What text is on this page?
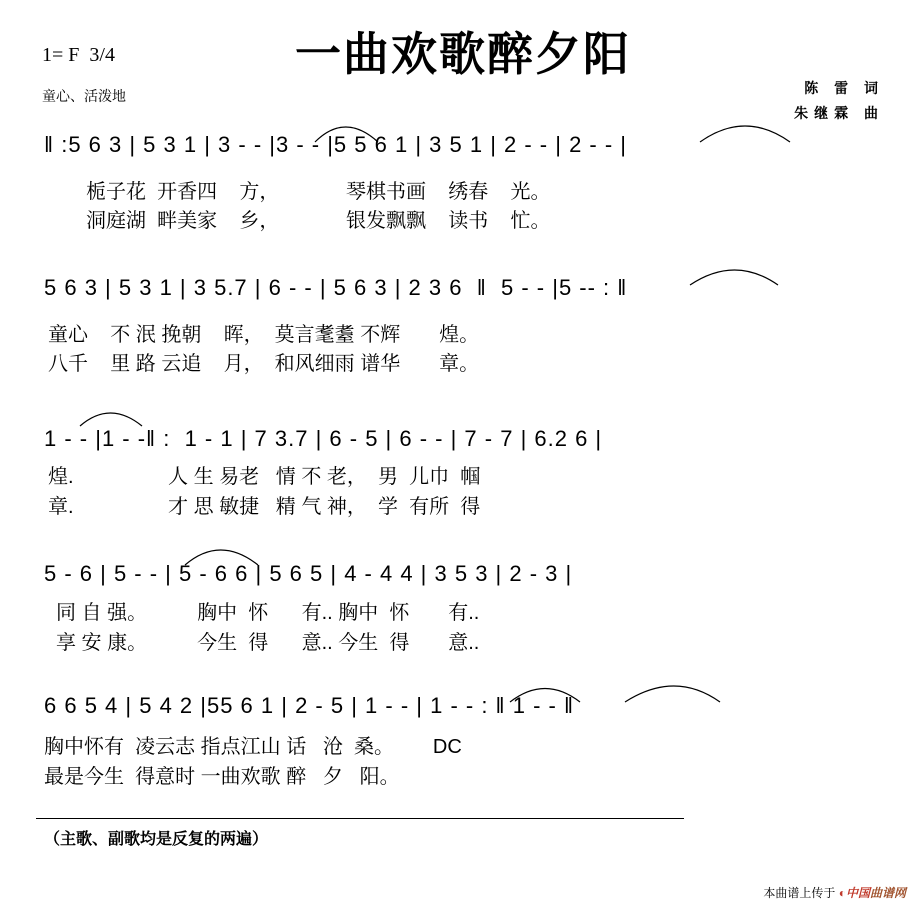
一曲欢歌醉夕阳
1= F  3/4
童心、活泼地	陈 雷 词
朱继霖 曲
‖ :5 6 3 | 5 3 1 | 3 - - |3 - - |5 5 6 1 | 3 5 1 | 2 - - | 2 - - |
栀子花  开香四    方，            琴棋书画    绣春    光。
洞庭湖  畔美家    乡，            银发飘飘    读书    忙。
5 6 3 | 5 3 1 | 3 5.7 | 6 - - | 5 6 3 | 2 3 6  ‖  5 - - |5 -- : ‖
童心    不 泯 挽朝    晖，  莫言耄耋 不辉       煌。
八千    里 路 云追    月，  和风细雨 谱华       章。
1 - - |1 - -‖ :  1 - 1 | 7 3.7 | 6 - 5 | 6 - - | 7 - 7 | 6.2 6 |
煌.                 人 生 易老   情 不 老，  男  儿巾  帼
章.                 才 思 敏捷   精 气 神，  学  有所  得
5 - 6 | 5 - - | 5 - 6 6 | 5 6 5 | 4 - 4 4 | 3 5 3 | 2 - 3 |
同 自 强。         胸中  怀      有.. 胸中  怀       有..
享 安 康。         今生  得      意.. 今生  得       意..
6 6 5 4 | 5 4 2 |55 6 1 | 2 - 5 | 1 - - | 1 - - : ‖ 1 - - ‖
胸中怀有  凌云志 指点江山 话   沧  桑。       DC
最是今生  得意时 一曲欢歌 醉   夕   阳。
（主歌、副歌均是反复的两遍）
本曲谱上传于 ◐中国曲谱网
